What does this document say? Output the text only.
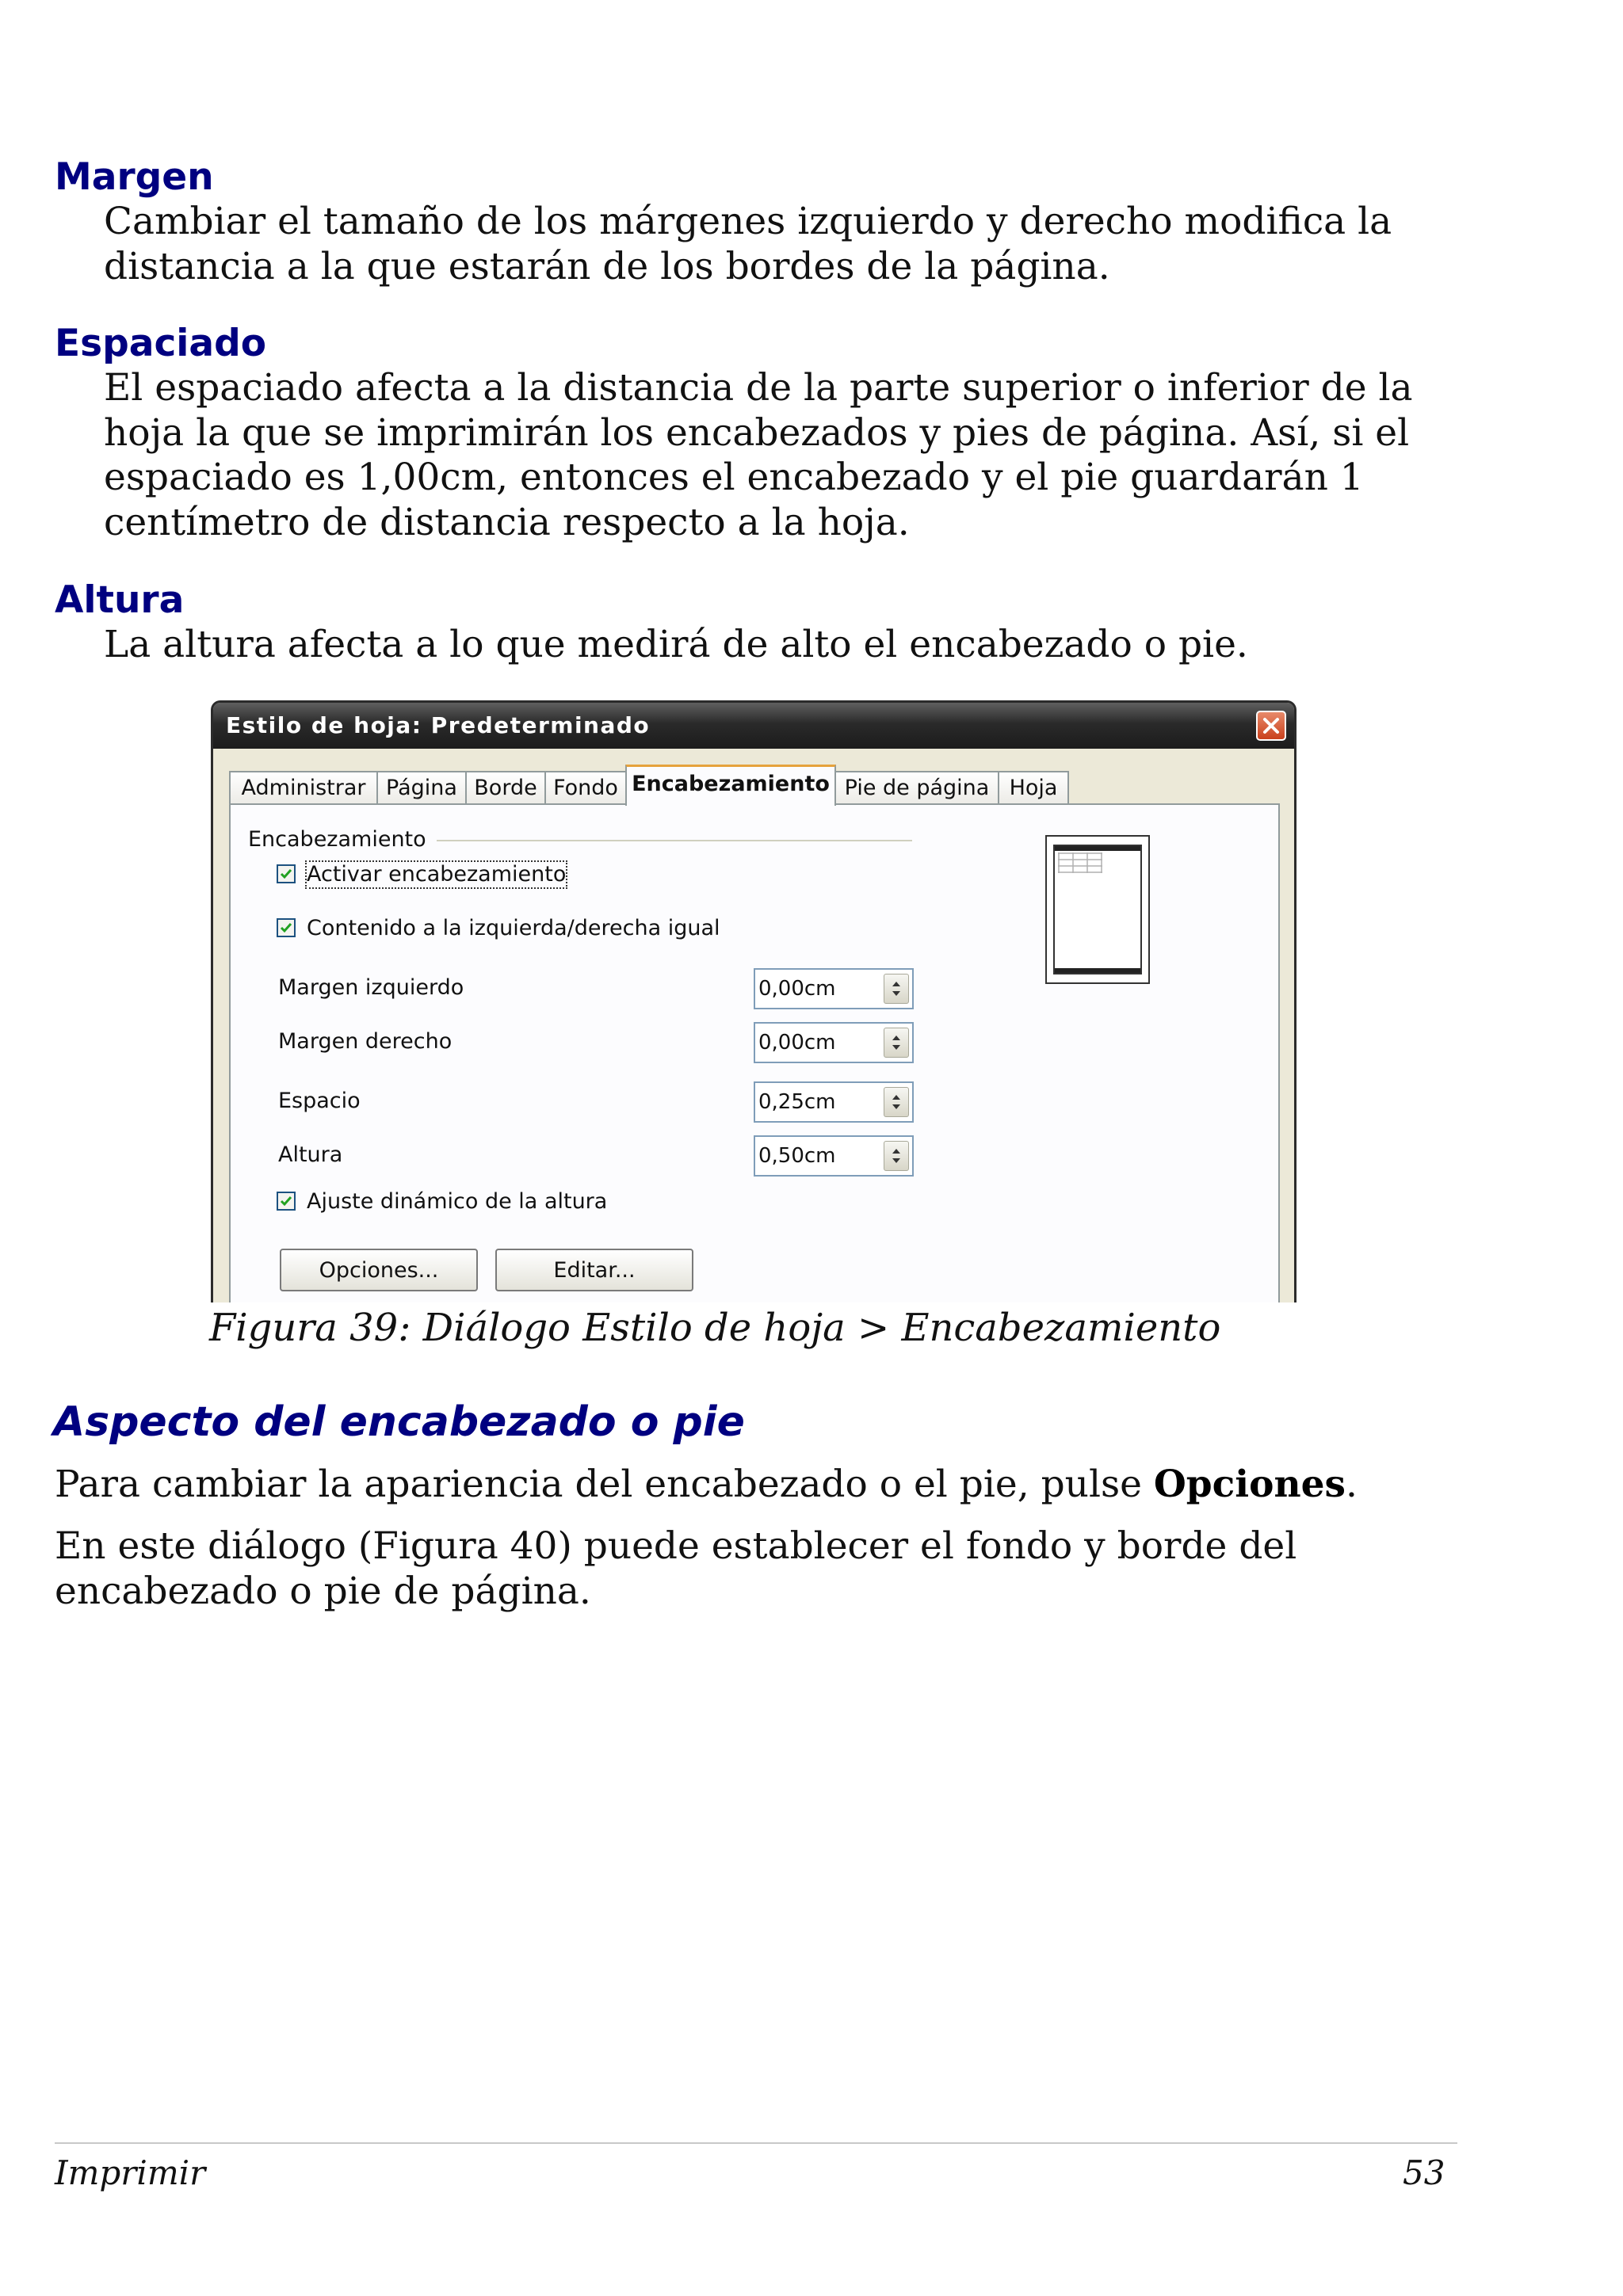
Margen

Cambiar el tamaño de los márgenes izquierdo y derecho modifica la distancia a la que estarán de los bordes de la página.

Espaciado

El espaciado afecta a la distancia de la parte superior o inferior de la hoja la que se imprimirán los encabezados y pies de página. Así, si el espaciado es 1,00cm, entonces el encabezado y el pie guardarán 1 centímetro de distancia respecto a la hoja.

Altura

La altura afecta a lo que medirá de alto el encabezado o pie.

Estilo de hoja: Predeterminado
Administrar Página Borde Fondo Encabezamiento Pie de página Hoja
Encabezamiento
Activar encabezamiento
Contenido a la izquierda/derecha igual
Margen izquierdo
0,00cm
Margen derecho
0,00cm
Espacio
0,25cm
Altura
0,50cm
Ajuste dinámico de la altura
Opciones...	Editar...

Figura 39: Diálogo Estilo de hoja > Encabezamiento

Aspecto del encabezado o pie

Para cambiar la apariencia del encabezado o el pie, pulse Opciones.

En este diálogo (Figura 40) puede establecer el fondo y borde del encabezado o pie de página.

Imprimir	53
